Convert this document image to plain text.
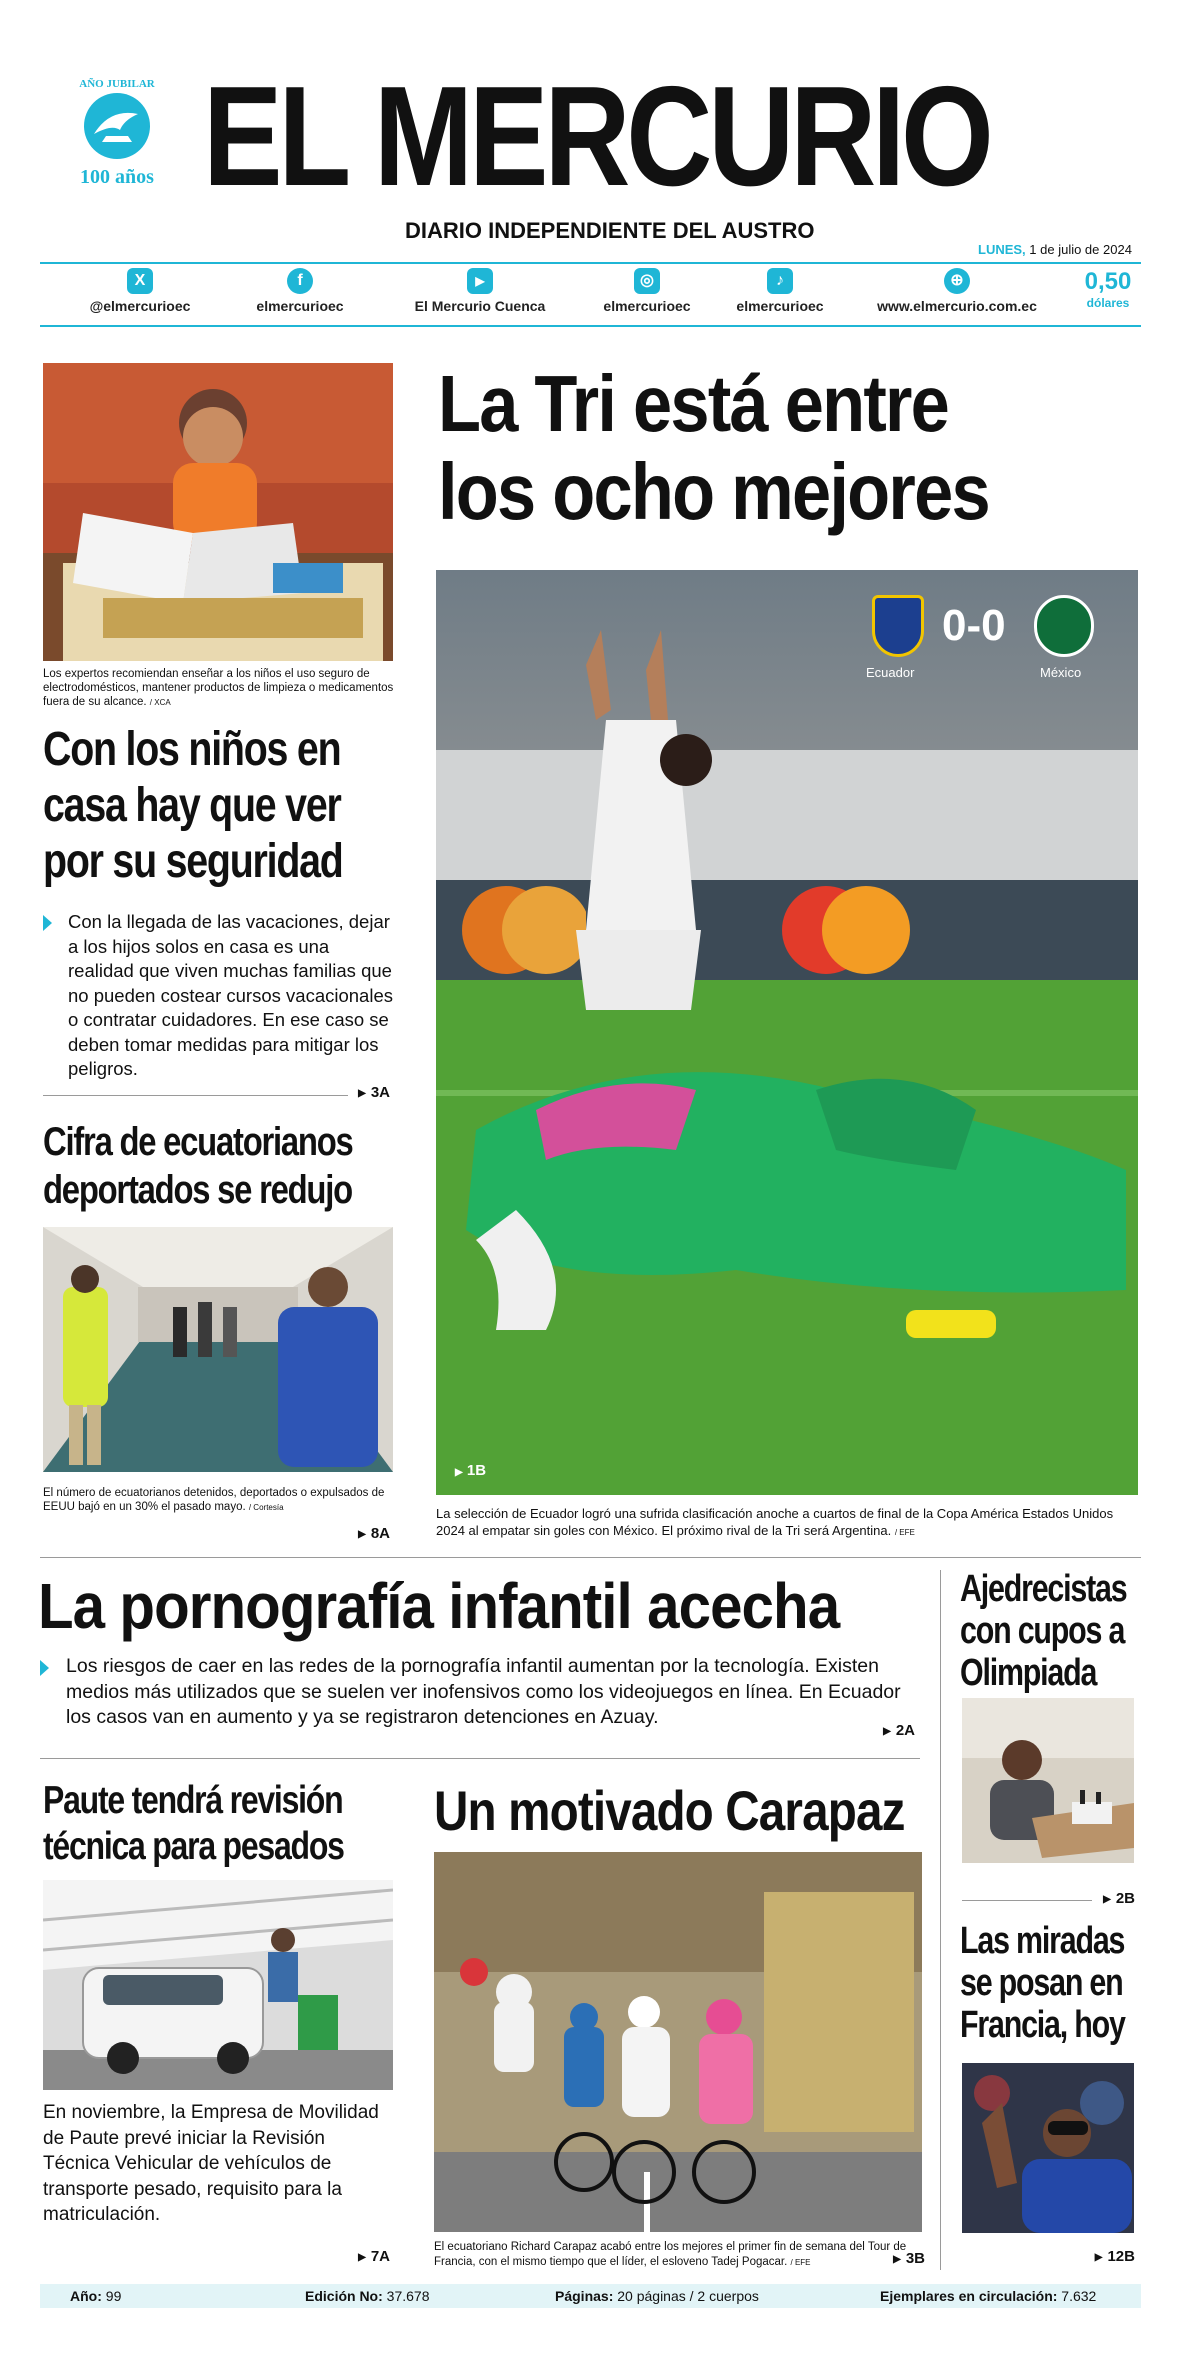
AÑO JUBILAR
100 años EL MERCURIO
DIARIO INDEPENDIENTE DEL AUSTRO
LUNES, 1 de julio de 2024
X
@elmercurioec
f
elmercurioec
▶
El Mercurio Cuenca
◎
elmercurioec
♪
elmercurioec
⊕
www.elmercurio.com.ec
0,50
dólares
Los expertos recomiendan enseñar a los niños el uso seguro de electrodomésticos, mantener productos de limpieza o medicamentos fuera de su alcance. / XCA
Con los niños en
casa hay que ver
por su seguridad
Con la llegada de las vacaciones, dejar a los hijos solos en casa es una realidad que viven muchas familias que no pueden costear cursos vacacionales o contratar cuidadores. En ese caso se deben tomar medidas para mitigar los peligros.
▶ 3A
Cifra de ecuatorianos
deportados se redujo
El número de ecuatorianos detenidos, deportados o expulsados de EEUU bajó en un 30% el pasado mayo. / Cortesía
▶ 8A
La Tri está entre
los ocho mejores
0-0
Ecuador	México
▶ 1B
La selección de Ecuador logró una sufrida clasificación anoche a cuartos de final de la Copa América Estados Unidos 2024 al empatar sin goles con México. El próximo rival de la Tri será Argentina. / EFE
La pornografía infantil acecha
Los riesgos de caer en las redes de la pornografía infantil aumentan por la tecnología. Existen medios más utilizados que se suelen ver inofensivos como los videojuegos en línea. En Ecuador los casos van en aumento y ya se registraron detenciones en Azuay.
▶ 2A
Ajedrecistas
con cupos a
Olimpiada
▶ 2B
Las miradas
se posan en
Francia, hoy
▶ 12B
Paute tendrá revisión
técnica para pesados
En noviembre, la Empresa de Movilidad de Paute prevé iniciar la Revisión Técnica Vehicular de vehículos de transporte pesado, requisito para la matriculación.
▶ 7A
Un motivado Carapaz
El ecuatoriano Richard Carapaz acabó entre los mejores el primer fin de semana del Tour de Francia, con el mismo tiempo que el líder, el esloveno Tadej Pogacar. / EFE
▶	3B
Año: 99	Edición No: 37.678	Páginas: 20 páginas / 2 cuerpos	Ejemplares en circulación: 7.632
